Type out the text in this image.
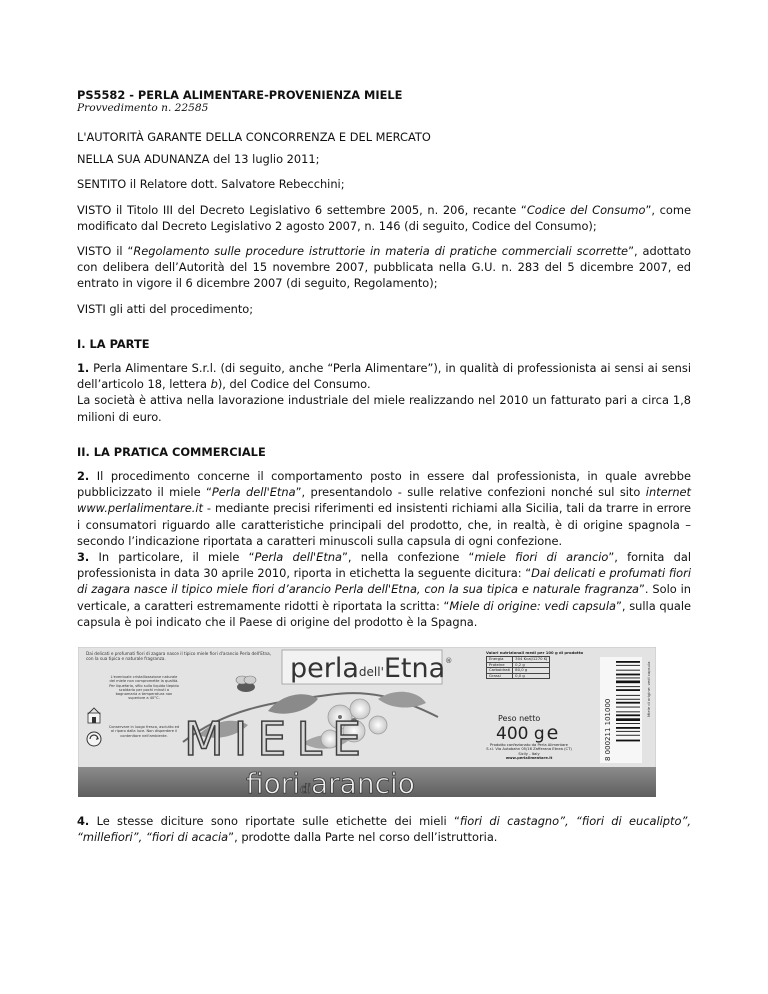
PS5582 - PERLA ALIMENTARE-PROVENIENZA MIELE

Provvedimento n. 22585

L'AUTORITÀ GARANTE DELLA CONCORRENZA E DEL MERCATO

NELLA SUA ADUNANZA del 13 luglio 2011;

SENTITO il Relatore dott. Salvatore Rebecchini;

VISTO il Titolo III del Decreto Legislativo 6 settembre 2005, n. 206, recante “Codice del Consumo”, come modificato dal Decreto Legislativo 2 agosto 2007, n. 146 (di seguito, Codice del Consumo);

VISTO il “Regolamento sulle procedure istruttorie in materia di pratiche commerciali scorrette”, adottato con delibera dell’Autorità del 15 novembre 2007, pubblicata nella G.U. n. 283 del 5 dicembre 2007, ed entrato in vigore il 6 dicembre 2007 (di seguito, Regolamento);

VISTI gli atti del procedimento;

I. LA PARTE

1. Perla Alimentare S.r.l. (di seguito, anche “Perla Alimentare”), in qualità di professionista ai sensi ai sensi dell’articolo 18, lettera b), del Codice del Consumo.

La società è attiva nella lavorazione industriale del miele realizzando nel 2010 un fatturato pari a circa 1,8 milioni di euro.

II. LA PRATICA COMMERCIALE

2. Il procedimento concerne il comportamento posto in essere dal professionista, in quale avrebbe pubblicizzato il miele “Perla dell'Etna”, presentandolo - sulle relative confezioni nonché sul sito internet www.perlalimentare.it - mediante precisi riferimenti ed insistenti richiami alla Sicilia, tali da trarre in errore i consumatori riguardo alle caratteristiche principali del prodotto, che, in realtà, è di origine spagnola – secondo l’indicazione riportata a caratteri minuscoli sulla capsula di ogni confezione.

3. In particolare, il miele “Perla dell'Etna”, nella confezione “miele fiori di arancio”, fornita dal professionista in data 30 aprile 2010, riporta in etichetta la seguente dicitura: “Dai delicati e profumati fiori di zagara nasce il tipico miele fiori d’arancio Perla dell'Etna, con la sua tipica e naturale fragranza”. Solo in verticale, a caratteri estremamente ridotti è riportata la scritta: “Miele di origine: vedi capsula”, sulla quale capsula è poi indicato che il Paese di origine del prodotto è la Spagna.

perladell'Etna®
MIELE
fioridiarancio
Dai delicati e profumati fiori di zagara nasce il tipico miele fiori d'arancio Perla dell'Etna, con la sua tipica e naturale fragranza.
L'eventuale cristallizzazione naturale del miele non compromette la qualità. Per liquefarlo, sfilo sulla liquido tiepido scaldarlo per pochi minuti a bagnomaria a temperatura non superiore a 40°C.
Conservare in luogo fresco, asciutto ed al riparo dalla luce. Non disperdere il contenitore nell'ambiente.
Valori nutrizionali medi per 100 g di prodotto
Energia	304 Kcal/1270 KJ
Proteine	0,2 g
Carboidrati	80,0 g
Grassi	0,0 g
Peso netto
400 g e
Prodotto confezionato da Perla Alimentare S.r.l. Via Autobahn 05/16 Zafferana Etnea (CT) Sicily - Italy
www.perlalimentare.it	8 000211 101000
Miele di origine: vedi capsula

4. Le stesse diciture sono riportate sulle etichette dei mieli “fiori di castagno”, “fiori di eucalipto”, “millefiori”, “fiori di acacia”, prodotte dalla Parte nel corso dell’istruttoria.
